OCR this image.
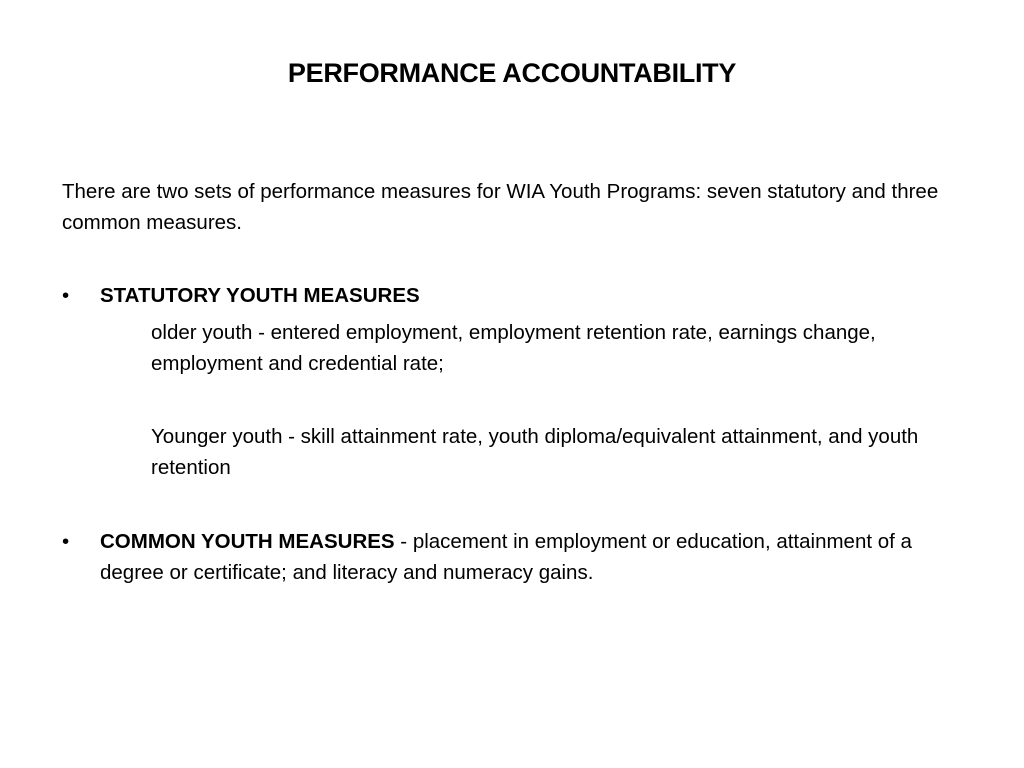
PERFORMANCE ACCOUNTABILITY

There are two sets of performance measures for WIA Youth Programs: seven statutory and three common measures.

•	STATUTORY YOUTH MEASURES

older youth - entered employment, employment retention rate, earnings change, employment and credential rate;

Younger youth - skill attainment rate, youth diploma/equivalent attainment, and youth retention

•	COMMON YOUTH MEASURES - placement in employment or education, attainment of a degree or certificate; and literacy and numeracy gains.
